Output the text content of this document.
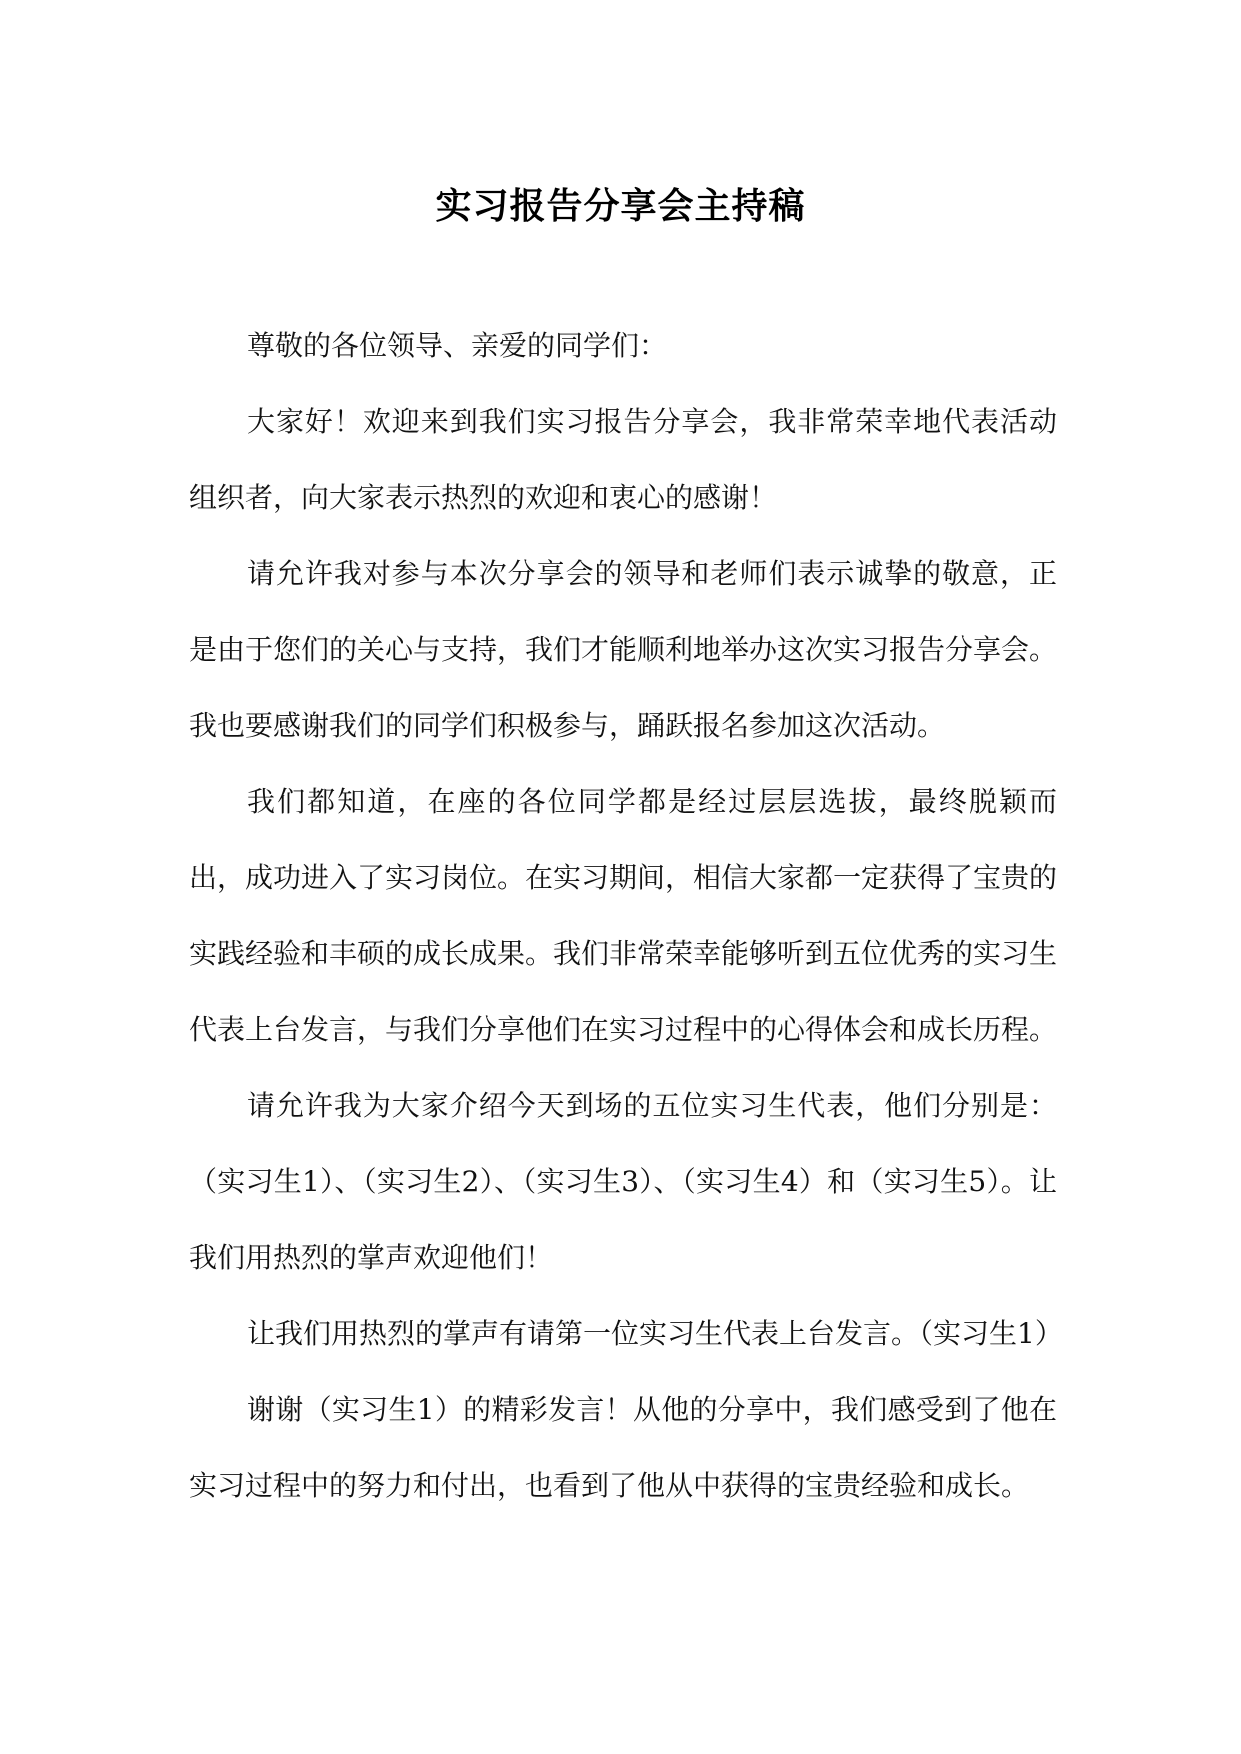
实习报告分享会主持稿

尊敬的各位领导、亲爱的同学们：

大家好！欢迎来到我们实习报告分享会，我非常荣幸地代表活动组织者，向大家表示热烈的欢迎和衷心的感谢！

请允许我对参与本次分享会的领导和老师们表示诚挚的敬意，正是由于您们的关心与支持，我们才能顺利地举办这次实习报告分享会。我也要感谢我们的同学们积极参与，踊跃报名参加这次活动。

我们都知道，在座的各位同学都是经过层层选拔，最终脱颖而出，成功进入了实习岗位。在实习期间，相信大家都一定获得了宝贵的实践经验和丰硕的成长成果。我们非常荣幸能够听到五位优秀的实习生代表上台发言，与我们分享他们在实习过程中的心得体会和成长历程。

请允许我为大家介绍今天到场的五位实习生代表，他们分别是：（实习生1）、（实习生2）、（实习生3）、（实习生4）和（实习生5）。让我们用热烈的掌声欢迎他们！

让我们用热烈的掌声有请第一位实习生代表上台发言。（实习生1）

谢谢（实习生1）的精彩发言！从他的分享中，我们感受到了他在实习过程中的努力和付出，也看到了他从中获得的宝贵经验和成长。
